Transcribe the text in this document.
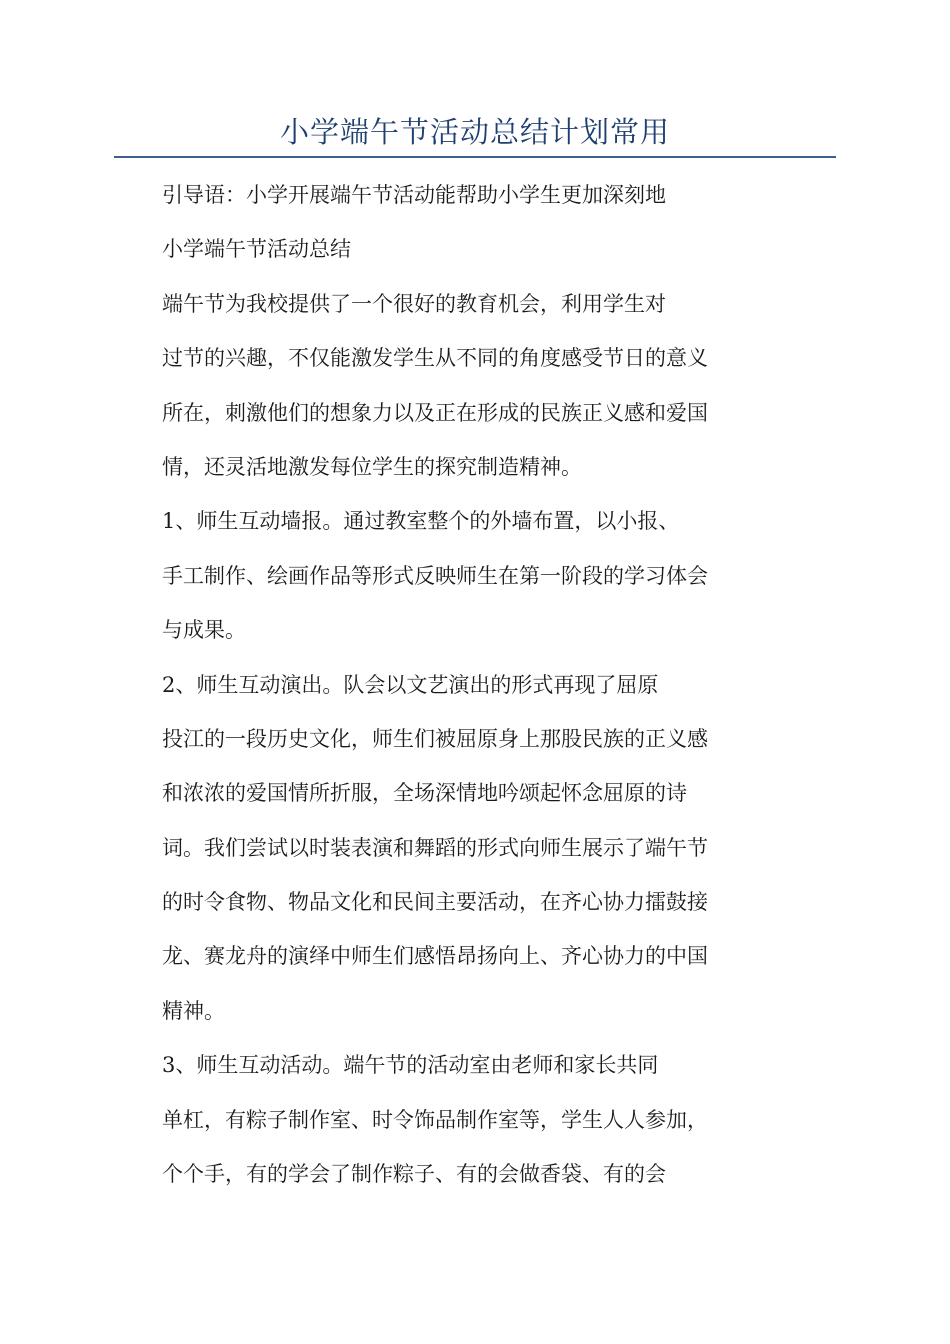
小学端午节活动总结计划常用
引导语：小学开展端午节活动能帮助小学生更加深刻地
小学端午节活动总结
端午节为我校提供了一个很好的教育机会，利用学生对
过节的兴趣，不仅能激发学生从不同的角度感受节日的意义
所在，刺激他们的想象力以及正在形成的民族正义感和爱国
情，还灵活地激发每位学生的探究制造精神。
1、师生互动墙报。通过教室整个的外墙布置，以小报、
手工制作、绘画作品等形式反映师生在第一阶段的学习体会
与成果。
2、师生互动演出。队会以文艺演出的形式再现了屈原
投江的一段历史文化，师生们被屈原身上那股民族的正义感
和浓浓的爱国情所折服，全场深情地吟颂起怀念屈原的诗
词。我们尝试以时装表演和舞蹈的形式向师生展示了端午节
的时令食物、物品文化和民间主要活动，在齐心协力擂鼓接
龙、赛龙舟的演绎中师生们感悟昂扬向上、齐心协力的中国
精神。
3、师生互动活动。端午节的活动室由老师和家长共同
单杠，有粽子制作室、时令饰品制作室等，学生人人参加，
个个手，有的学会了制作粽子、有的会做香袋、有的会
